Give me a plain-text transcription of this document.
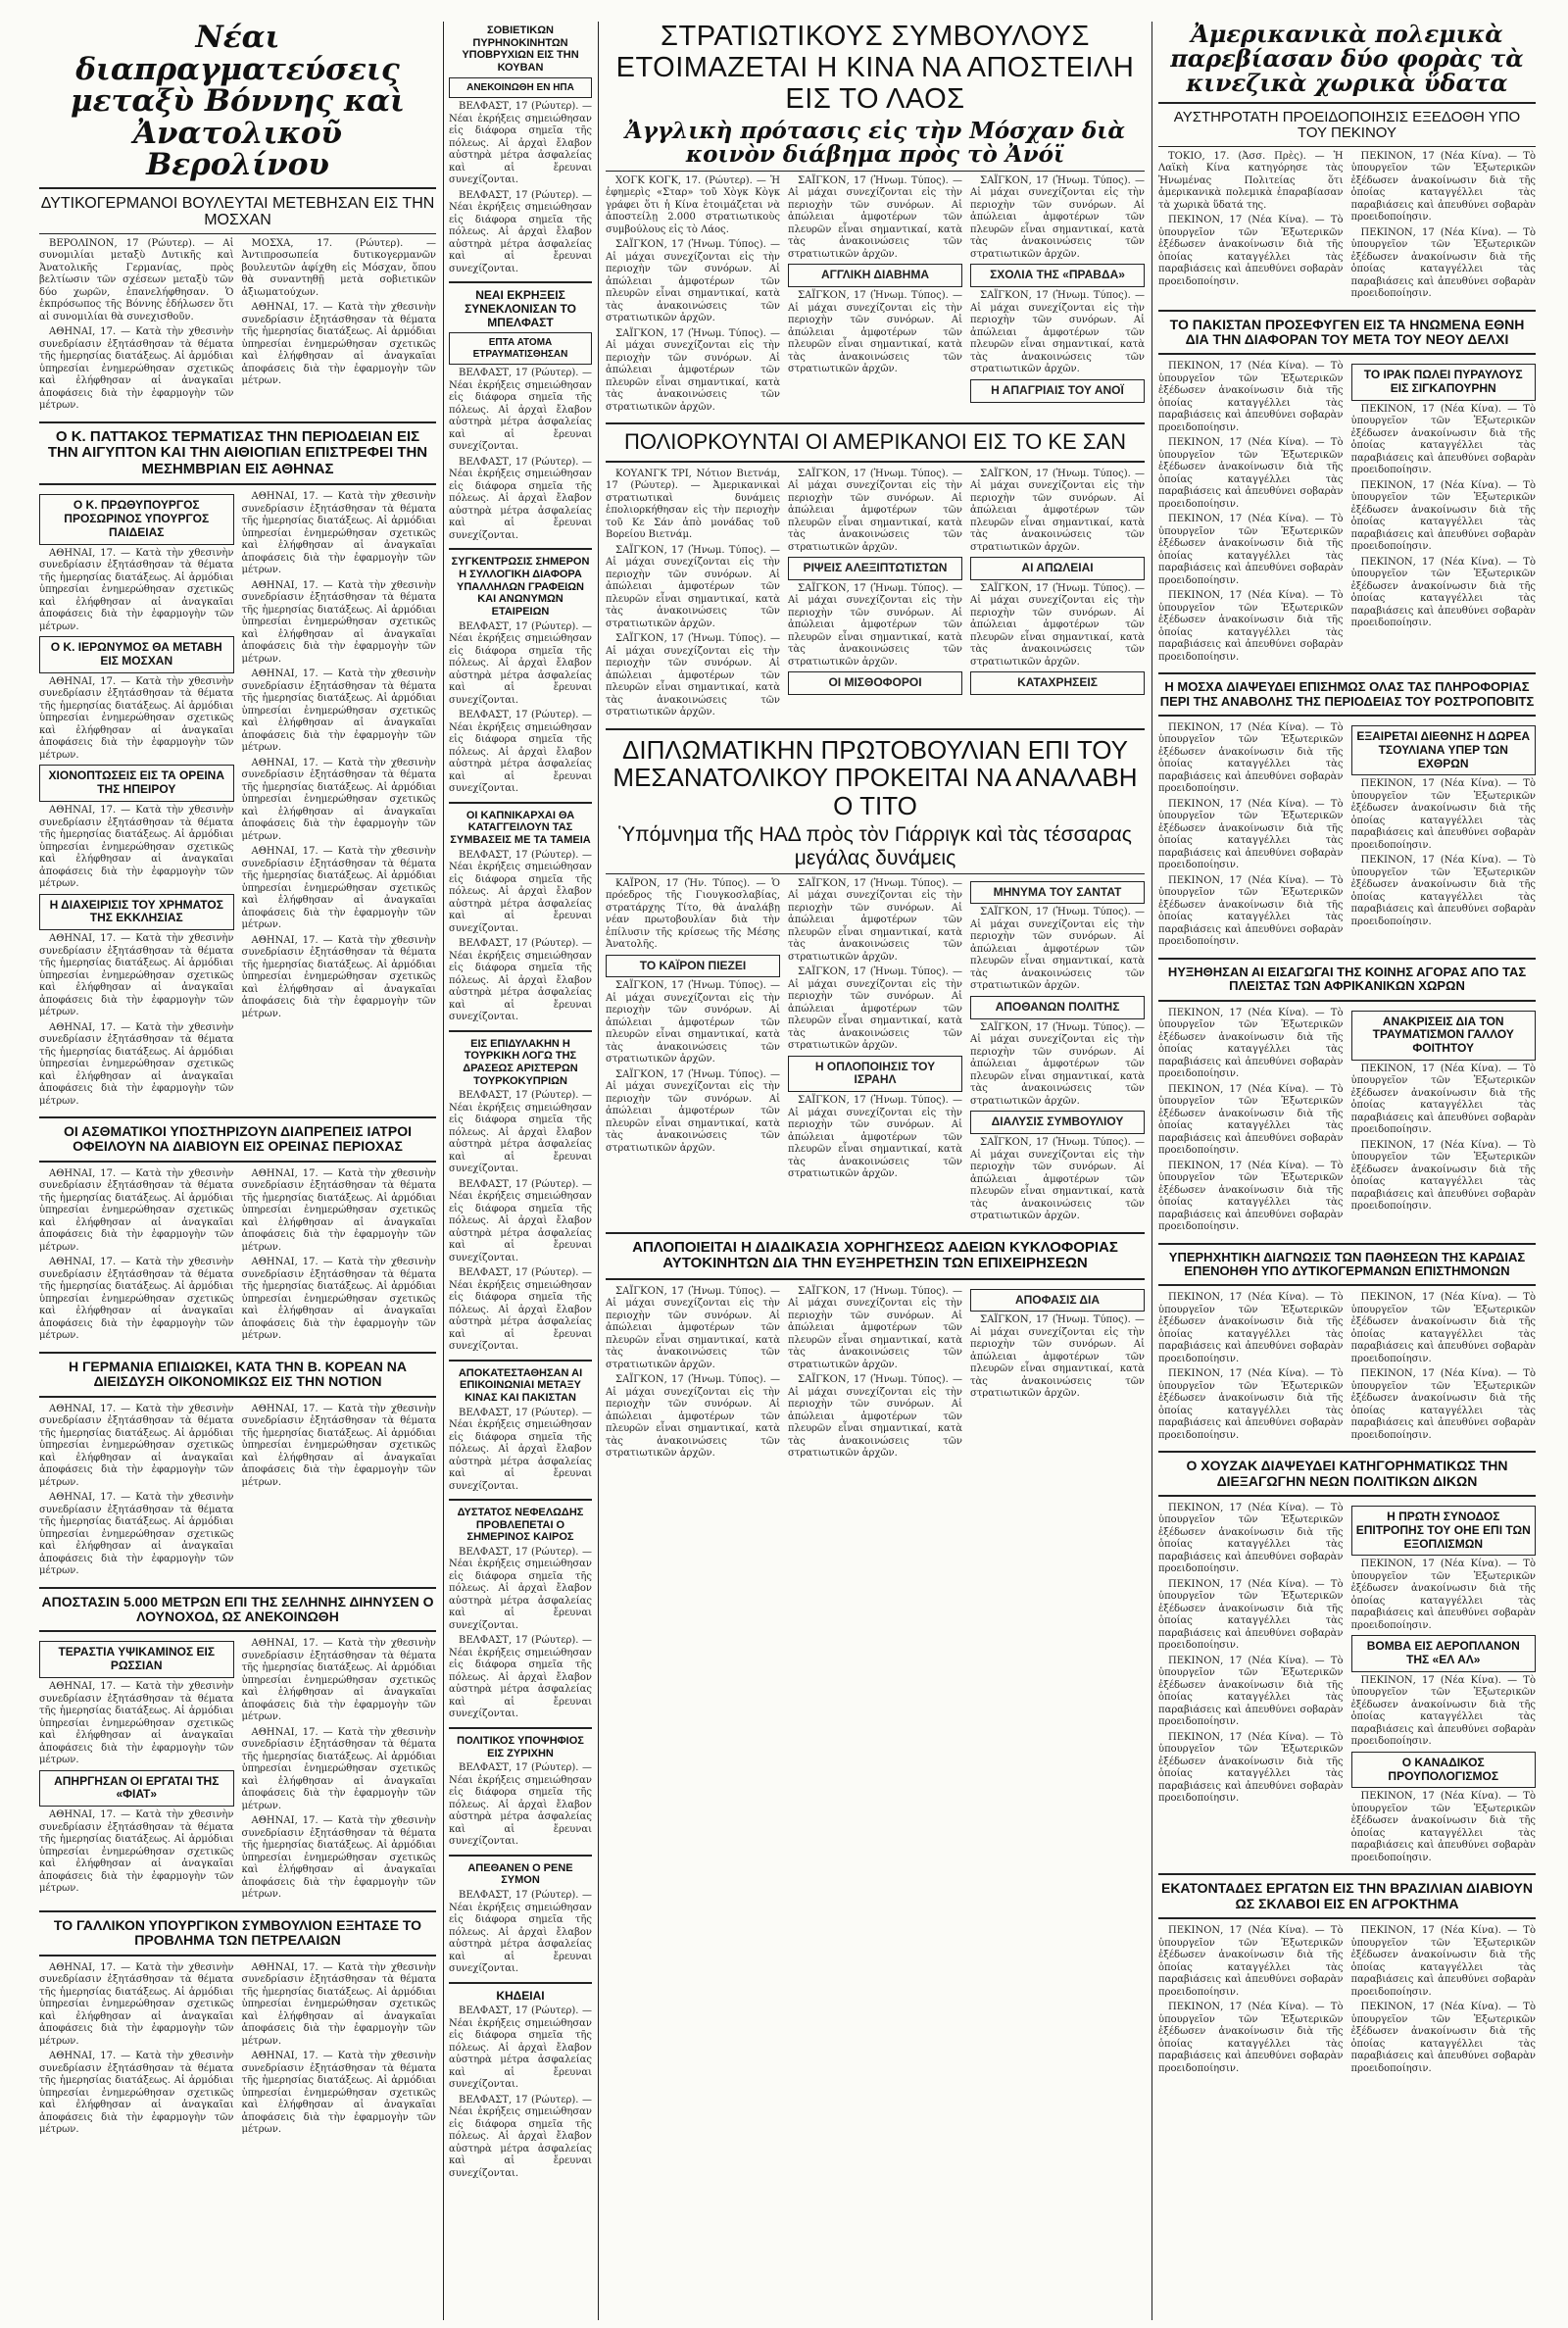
Νέαι διαπραγματεύσεις μεταξὺ Βόννης καὶ Ἀνατολικοῦ Βερολίνου
ΔΥΤΙΚΟΓΕΡΜΑΝΟΙ ΒΟΥΛΕΥΤΑΙ ΜΕΤΕΒΗΣΑΝ ΕΙΣ ΤΗΝ ΜΟΣΧΑΝ

ΒΕΡΟΛΙΝΟΝ, 17 (Ρώυτερ). — Αἱ συνομιλίαι μεταξὺ Δυτικῆς καὶ Ἀνατολικῆς Γερμανίας, πρὸς βελτίωσιν τῶν σχέσεων μεταξὺ τῶν δύο χωρῶν, ἐπανελήφθησαν. Ὁ ἐκπρόσωπος τῆς Βόννης ἐδήλωσεν ὅτι αἱ συνομιλίαι θὰ συνεχισθοῦν.

ΑΘΗΝΑΙ, 17. — Κατὰ τὴν χθεσινὴν συνεδρίασιν ἐξητάσθησαν τὰ θέματα τῆς ἡμερησίας διατάξεως. Αἱ ἀρμόδιαι ὑπηρεσίαι ἐνημερώθησαν σχετικῶς καὶ ἐλήφθησαν αἱ ἀναγκαῖαι ἀποφάσεις διὰ τὴν ἐφαρμογὴν τῶν μέτρων.

ΜΟΣΧΑ, 17. (Ρώυτερ). — Ἀντιπροσωπεία δυτικογερμανῶν βουλευτῶν ἀφίχθη εἰς Μόσχαν, ὅπου θὰ συναντηθῇ μετὰ σοβιετικῶν ἀξιωματούχων.

ΑΘΗΝΑΙ, 17. — Κατὰ τὴν χθεσινὴν συνεδρίασιν ἐξητάσθησαν τὰ θέματα τῆς ἡμερησίας διατάξεως. Αἱ ἀρμόδιαι ὑπηρεσίαι ἐνημερώθησαν σχετικῶς καὶ ἐλήφθησαν αἱ ἀναγκαῖαι ἀποφάσεις διὰ τὴν ἐφαρμογὴν τῶν μέτρων.

Ο Κ. ΠΑΤΤΑΚΟΣ ΤΕΡΜΑΤΙΣΑΣ ΤΗΝ ΠΕΡΙΟΔΕΙΑΝ ΕΙΣ ΤΗΝ ΑΙΓΥΠΤΟΝ ΚΑΙ ΤΗΝ ΑΙΘΙΟΠΙΑΝ ΕΠΙΣΤΡΕΦΕΙ ΤΗΝ ΜΕΣΗΜΒΡΙΑΝ ΕΙΣ ΑΘΗΝΑΣ
Ο Κ. ΠΡΩΘΥΠΟΥΡΓΟΣ ΠΡΟΣΩΡΙΝΟΣ ΥΠΟΥΡΓΟΣ ΠΑΙΔΕΙΑΣ

ΑΘΗΝΑΙ, 17. — Κατὰ τὴν χθεσινὴν συνεδρίασιν ἐξητάσθησαν τὰ θέματα τῆς ἡμερησίας διατάξεως. Αἱ ἀρμόδιαι ὑπηρεσίαι ἐνημερώθησαν σχετικῶς καὶ ἐλήφθησαν αἱ ἀναγκαῖαι ἀποφάσεις διὰ τὴν ἐφαρμογὴν τῶν μέτρων.

Ο Κ. ΙΕΡΩΝΥΜΟΣ ΘΑ ΜΕΤΑΒΗ ΕΙΣ ΜΟΣΧΑΝ

ΑΘΗΝΑΙ, 17. — Κατὰ τὴν χθεσινὴν συνεδρίασιν ἐξητάσθησαν τὰ θέματα τῆς ἡμερησίας διατάξεως. Αἱ ἀρμόδιαι ὑπηρεσίαι ἐνημερώθησαν σχετικῶς καὶ ἐλήφθησαν αἱ ἀναγκαῖαι ἀποφάσεις διὰ τὴν ἐφαρμογὴν τῶν μέτρων.

ΧΙΟΝΟΠΤΩΣΕΙΣ ΕΙΣ ΤΑ ΟΡΕΙΝΑ ΤΗΣ ΗΠΕΙΡΟΥ

ΑΘΗΝΑΙ, 17. — Κατὰ τὴν χθεσινὴν συνεδρίασιν ἐξητάσθησαν τὰ θέματα τῆς ἡμερησίας διατάξεως. Αἱ ἀρμόδιαι ὑπηρεσίαι ἐνημερώθησαν σχετικῶς καὶ ἐλήφθησαν αἱ ἀναγκαῖαι ἀποφάσεις διὰ τὴν ἐφαρμογὴν τῶν μέτρων.

Η ΔΙΑΧΕΙΡΙΣΙΣ ΤΟΥ ΧΡΗΜΑΤΟΣ ΤΗΣ ΕΚΚΛΗΣΙΑΣ

ΑΘΗΝΑΙ, 17. — Κατὰ τὴν χθεσινὴν συνεδρίασιν ἐξητάσθησαν τὰ θέματα τῆς ἡμερησίας διατάξεως. Αἱ ἀρμόδιαι ὑπηρεσίαι ἐνημερώθησαν σχετικῶς καὶ ἐλήφθησαν αἱ ἀναγκαῖαι ἀποφάσεις διὰ τὴν ἐφαρμογὴν τῶν μέτρων.

ΑΘΗΝΑΙ, 17. — Κατὰ τὴν χθεσινὴν συνεδρίασιν ἐξητάσθησαν τὰ θέματα τῆς ἡμερησίας διατάξεως. Αἱ ἀρμόδιαι ὑπηρεσίαι ἐνημερώθησαν σχετικῶς καὶ ἐλήφθησαν αἱ ἀναγκαῖαι ἀποφάσεις διὰ τὴν ἐφαρμογὴν τῶν μέτρων.

ΑΘΗΝΑΙ, 17. — Κατὰ τὴν χθεσινὴν συνεδρίασιν ἐξητάσθησαν τὰ θέματα τῆς ἡμερησίας διατάξεως. Αἱ ἀρμόδιαι ὑπηρεσίαι ἐνημερώθησαν σχετικῶς καὶ ἐλήφθησαν αἱ ἀναγκαῖαι ἀποφάσεις διὰ τὴν ἐφαρμογὴν τῶν μέτρων.

ΑΘΗΝΑΙ, 17. — Κατὰ τὴν χθεσινὴν συνεδρίασιν ἐξητάσθησαν τὰ θέματα τῆς ἡμερησίας διατάξεως. Αἱ ἀρμόδιαι ὑπηρεσίαι ἐνημερώθησαν σχετικῶς καὶ ἐλήφθησαν αἱ ἀναγκαῖαι ἀποφάσεις διὰ τὴν ἐφαρμογὴν τῶν μέτρων.

ΑΘΗΝΑΙ, 17. — Κατὰ τὴν χθεσινὴν συνεδρίασιν ἐξητάσθησαν τὰ θέματα τῆς ἡμερησίας διατάξεως. Αἱ ἀρμόδιαι ὑπηρεσίαι ἐνημερώθησαν σχετικῶς καὶ ἐλήφθησαν αἱ ἀναγκαῖαι ἀποφάσεις διὰ τὴν ἐφαρμογὴν τῶν μέτρων.

ΑΘΗΝΑΙ, 17. — Κατὰ τὴν χθεσινὴν συνεδρίασιν ἐξητάσθησαν τὰ θέματα τῆς ἡμερησίας διατάξεως. Αἱ ἀρμόδιαι ὑπηρεσίαι ἐνημερώθησαν σχετικῶς καὶ ἐλήφθησαν αἱ ἀναγκαῖαι ἀποφάσεις διὰ τὴν ἐφαρμογὴν τῶν μέτρων.

ΑΘΗΝΑΙ, 17. — Κατὰ τὴν χθεσινὴν συνεδρίασιν ἐξητάσθησαν τὰ θέματα τῆς ἡμερησίας διατάξεως. Αἱ ἀρμόδιαι ὑπηρεσίαι ἐνημερώθησαν σχετικῶς καὶ ἐλήφθησαν αἱ ἀναγκαῖαι ἀποφάσεις διὰ τὴν ἐφαρμογὴν τῶν μέτρων.

ΑΘΗΝΑΙ, 17. — Κατὰ τὴν χθεσινὴν συνεδρίασιν ἐξητάσθησαν τὰ θέματα τῆς ἡμερησίας διατάξεως. Αἱ ἀρμόδιαι ὑπηρεσίαι ἐνημερώθησαν σχετικῶς καὶ ἐλήφθησαν αἱ ἀναγκαῖαι ἀποφάσεις διὰ τὴν ἐφαρμογὴν τῶν μέτρων.

ΟΙ ΑΣΘΜΑΤΙΚΟΙ ΥΠΟΣΤΗΡΙΖΟΥΝ ΔΙΑΠΡΕΠΕΙΣ ΙΑΤΡΟΙ ΟΦΕΙΛΟΥΝ ΝΑ ΔΙΑΒΙΟΥΝ ΕΙΣ ΟΡΕΙΝΑΣ ΠΕΡΙΟΧΑΣ

ΑΘΗΝΑΙ, 17. — Κατὰ τὴν χθεσινὴν συνεδρίασιν ἐξητάσθησαν τὰ θέματα τῆς ἡμερησίας διατάξεως. Αἱ ἀρμόδιαι ὑπηρεσίαι ἐνημερώθησαν σχετικῶς καὶ ἐλήφθησαν αἱ ἀναγκαῖαι ἀποφάσεις διὰ τὴν ἐφαρμογὴν τῶν μέτρων.

ΑΘΗΝΑΙ, 17. — Κατὰ τὴν χθεσινὴν συνεδρίασιν ἐξητάσθησαν τὰ θέματα τῆς ἡμερησίας διατάξεως. Αἱ ἀρμόδιαι ὑπηρεσίαι ἐνημερώθησαν σχετικῶς καὶ ἐλήφθησαν αἱ ἀναγκαῖαι ἀποφάσεις διὰ τὴν ἐφαρμογὴν τῶν μέτρων.

ΑΘΗΝΑΙ, 17. — Κατὰ τὴν χθεσινὴν συνεδρίασιν ἐξητάσθησαν τὰ θέματα τῆς ἡμερησίας διατάξεως. Αἱ ἀρμόδιαι ὑπηρεσίαι ἐνημερώθησαν σχετικῶς καὶ ἐλήφθησαν αἱ ἀναγκαῖαι ἀποφάσεις διὰ τὴν ἐφαρμογὴν τῶν μέτρων.

ΑΘΗΝΑΙ, 17. — Κατὰ τὴν χθεσινὴν συνεδρίασιν ἐξητάσθησαν τὰ θέματα τῆς ἡμερησίας διατάξεως. Αἱ ἀρμόδιαι ὑπηρεσίαι ἐνημερώθησαν σχετικῶς καὶ ἐλήφθησαν αἱ ἀναγκαῖαι ἀποφάσεις διὰ τὴν ἐφαρμογὴν τῶν μέτρων.

Η ΓΕΡΜΑΝΙΑ ΕΠΙΔΙΩΚΕΙ, ΚΑΤΑ ΤΗΝ Β. ΚΟΡΕΑΝ ΝΑ ΔΙΕΙΣΔΥΣΗ ΟΙΚΟΝΟΜΙΚΩΣ ΕΙΣ ΤΗΝ ΝΟΤΙΟΝ

ΑΘΗΝΑΙ, 17. — Κατὰ τὴν χθεσινὴν συνεδρίασιν ἐξητάσθησαν τὰ θέματα τῆς ἡμερησίας διατάξεως. Αἱ ἀρμόδιαι ὑπηρεσίαι ἐνημερώθησαν σχετικῶς καὶ ἐλήφθησαν αἱ ἀναγκαῖαι ἀποφάσεις διὰ τὴν ἐφαρμογὴν τῶν μέτρων.

ΑΘΗΝΑΙ, 17. — Κατὰ τὴν χθεσινὴν συνεδρίασιν ἐξητάσθησαν τὰ θέματα τῆς ἡμερησίας διατάξεως. Αἱ ἀρμόδιαι ὑπηρεσίαι ἐνημερώθησαν σχετικῶς καὶ ἐλήφθησαν αἱ ἀναγκαῖαι ἀποφάσεις διὰ τὴν ἐφαρμογὴν τῶν μέτρων.

ΑΘΗΝΑΙ, 17. — Κατὰ τὴν χθεσινὴν συνεδρίασιν ἐξητάσθησαν τὰ θέματα τῆς ἡμερησίας διατάξεως. Αἱ ἀρμόδιαι ὑπηρεσίαι ἐνημερώθησαν σχετικῶς καὶ ἐλήφθησαν αἱ ἀναγκαῖαι ἀποφάσεις διὰ τὴν ἐφαρμογὴν τῶν μέτρων.

ΑΠΟΣΤΑΣΙΝ 5.000 ΜΕΤΡΩΝ ΕΠΙ ΤΗΣ ΣΕΛΗΝΗΣ ΔΙΗΝΥΣΕΝ Ο ΛΟΥΝΟΧΟΔ, ΩΣ ΑΝΕΚΟΙΝΩΘΗ
ΤΕΡΑΣΤΙΑ ΥΨΙΚΑΜΙΝΟΣ ΕΙΣ ΡΩΣΣΙΑΝ

ΑΘΗΝΑΙ, 17. — Κατὰ τὴν χθεσινὴν συνεδρίασιν ἐξητάσθησαν τὰ θέματα τῆς ἡμερησίας διατάξεως. Αἱ ἀρμόδιαι ὑπηρεσίαι ἐνημερώθησαν σχετικῶς καὶ ἐλήφθησαν αἱ ἀναγκαῖαι ἀποφάσεις διὰ τὴν ἐφαρμογὴν τῶν μέτρων.

ΑΠΗΡΓΗΣΑΝ ΟΙ ΕΡΓΑΤΑΙ ΤΗΣ «ΦΙΑΤ»

ΑΘΗΝΑΙ, 17. — Κατὰ τὴν χθεσινὴν συνεδρίασιν ἐξητάσθησαν τὰ θέματα τῆς ἡμερησίας διατάξεως. Αἱ ἀρμόδιαι ὑπηρεσίαι ἐνημερώθησαν σχετικῶς καὶ ἐλήφθησαν αἱ ἀναγκαῖαι ἀποφάσεις διὰ τὴν ἐφαρμογὴν τῶν μέτρων.

ΑΘΗΝΑΙ, 17. — Κατὰ τὴν χθεσινὴν συνεδρίασιν ἐξητάσθησαν τὰ θέματα τῆς ἡμερησίας διατάξεως. Αἱ ἀρμόδιαι ὑπηρεσίαι ἐνημερώθησαν σχετικῶς καὶ ἐλήφθησαν αἱ ἀναγκαῖαι ἀποφάσεις διὰ τὴν ἐφαρμογὴν τῶν μέτρων.

ΑΘΗΝΑΙ, 17. — Κατὰ τὴν χθεσινὴν συνεδρίασιν ἐξητάσθησαν τὰ θέματα τῆς ἡμερησίας διατάξεως. Αἱ ἀρμόδιαι ὑπηρεσίαι ἐνημερώθησαν σχετικῶς καὶ ἐλήφθησαν αἱ ἀναγκαῖαι ἀποφάσεις διὰ τὴν ἐφαρμογὴν τῶν μέτρων.

ΑΘΗΝΑΙ, 17. — Κατὰ τὴν χθεσινὴν συνεδρίασιν ἐξητάσθησαν τὰ θέματα τῆς ἡμερησίας διατάξεως. Αἱ ἀρμόδιαι ὑπηρεσίαι ἐνημερώθησαν σχετικῶς καὶ ἐλήφθησαν αἱ ἀναγκαῖαι ἀποφάσεις διὰ τὴν ἐφαρμογὴν τῶν μέτρων.

ΤΟ ΓΑΛΛΙΚΟΝ ΥΠΟΥΡΓΙΚΟΝ ΣΥΜΒΟΥΛΙΟΝ ΕΞΗΤΑΣΕ ΤΟ ΠΡΟΒΛΗΜΑ ΤΩΝ ΠΕΤΡΕΛΑΙΩΝ

ΑΘΗΝΑΙ, 17. — Κατὰ τὴν χθεσινὴν συνεδρίασιν ἐξητάσθησαν τὰ θέματα τῆς ἡμερησίας διατάξεως. Αἱ ἀρμόδιαι ὑπηρεσίαι ἐνημερώθησαν σχετικῶς καὶ ἐλήφθησαν αἱ ἀναγκαῖαι ἀποφάσεις διὰ τὴν ἐφαρμογὴν τῶν μέτρων.

ΑΘΗΝΑΙ, 17. — Κατὰ τὴν χθεσινὴν συνεδρίασιν ἐξητάσθησαν τὰ θέματα τῆς ἡμερησίας διατάξεως. Αἱ ἀρμόδιαι ὑπηρεσίαι ἐνημερώθησαν σχετικῶς καὶ ἐλήφθησαν αἱ ἀναγκαῖαι ἀποφάσεις διὰ τὴν ἐφαρμογὴν τῶν μέτρων.

ΑΘΗΝΑΙ, 17. — Κατὰ τὴν χθεσινὴν συνεδρίασιν ἐξητάσθησαν τὰ θέματα τῆς ἡμερησίας διατάξεως. Αἱ ἀρμόδιαι ὑπηρεσίαι ἐνημερώθησαν σχετικῶς καὶ ἐλήφθησαν αἱ ἀναγκαῖαι ἀποφάσεις διὰ τὴν ἐφαρμογὴν τῶν μέτρων.

ΑΘΗΝΑΙ, 17. — Κατὰ τὴν χθεσινὴν συνεδρίασιν ἐξητάσθησαν τὰ θέματα τῆς ἡμερησίας διατάξεως. Αἱ ἀρμόδιαι ὑπηρεσίαι ἐνημερώθησαν σχετικῶς καὶ ἐλήφθησαν αἱ ἀναγκαῖαι ἀποφάσεις διὰ τὴν ἐφαρμογὴν τῶν μέτρων.

ΣΟΒΙΕΤΙΚΩΝ ΠΥΡΗΝΟΚΙΝΗΤΩΝ ΥΠΟΒΡΥΧΙΩΝ ΕΙΣ ΤΗΝ ΚΟΥΒΑΝ
ΑΝΕΚΟΙΝΩΘΗ ΕΝ ΗΠΑ

ΒΕΛΦΑΣΤ, 17 (Ρώυτερ). — Νέαι ἐκρήξεις σημειώθησαν εἰς διάφορα σημεῖα τῆς πόλεως. Αἱ ἀρχαὶ ἔλαβον αὐστηρὰ μέτρα ἀσφαλείας καὶ αἱ ἔρευναι συνεχίζονται.

ΒΕΛΦΑΣΤ, 17 (Ρώυτερ). — Νέαι ἐκρήξεις σημειώθησαν εἰς διάφορα σημεῖα τῆς πόλεως. Αἱ ἀρχαὶ ἔλαβον αὐστηρὰ μέτρα ἀσφαλείας καὶ αἱ ἔρευναι συνεχίζονται.

ΝΕΑΙ ΕΚΡΗΞΕΙΣ ΣΥΝΕΚΛΟΝΙΣΑΝ ΤΟ ΜΠΕΛΦΑΣΤ
ΕΠΤΑ ΑΤΟΜΑ ΕΤΡΑΥΜΑΤΙΣΘΗΣΑΝ

ΒΕΛΦΑΣΤ, 17 (Ρώυτερ). — Νέαι ἐκρήξεις σημειώθησαν εἰς διάφορα σημεῖα τῆς πόλεως. Αἱ ἀρχαὶ ἔλαβον αὐστηρὰ μέτρα ἀσφαλείας καὶ αἱ ἔρευναι συνεχίζονται.

ΒΕΛΦΑΣΤ, 17 (Ρώυτερ). — Νέαι ἐκρήξεις σημειώθησαν εἰς διάφορα σημεῖα τῆς πόλεως. Αἱ ἀρχαὶ ἔλαβον αὐστηρὰ μέτρα ἀσφαλείας καὶ αἱ ἔρευναι συνεχίζονται.

ΣΥΓΚΕΝΤΡΩΣΙΣ ΣΗΜΕΡΟΝ Η ΣΥΛΛΟΓΙΚΗ ΔΙΑΦΟΡΑ ΥΠΑΛΛΗΛΩΝ ΓΡΑΦΕΙΩΝ ΚΑΙ ΑΝΩΝΥΜΩΝ ΕΤΑΙΡΕΙΩΝ

ΒΕΛΦΑΣΤ, 17 (Ρώυτερ). — Νέαι ἐκρήξεις σημειώθησαν εἰς διάφορα σημεῖα τῆς πόλεως. Αἱ ἀρχαὶ ἔλαβον αὐστηρὰ μέτρα ἀσφαλείας καὶ αἱ ἔρευναι συνεχίζονται.

ΒΕΛΦΑΣΤ, 17 (Ρώυτερ). — Νέαι ἐκρήξεις σημειώθησαν εἰς διάφορα σημεῖα τῆς πόλεως. Αἱ ἀρχαὶ ἔλαβον αὐστηρὰ μέτρα ἀσφαλείας καὶ αἱ ἔρευναι συνεχίζονται.

ΟΙ ΚΑΠΝΙΚΑΡΧΑΙ ΘΑ ΚΑΤΑΓΓΕΙΛΟΥΝ ΤΑΣ ΣΥΜΒΑΣΕΙΣ ΜΕ ΤΑ ΤΑΜΕΙΑ

ΒΕΛΦΑΣΤ, 17 (Ρώυτερ). — Νέαι ἐκρήξεις σημειώθησαν εἰς διάφορα σημεῖα τῆς πόλεως. Αἱ ἀρχαὶ ἔλαβον αὐστηρὰ μέτρα ἀσφαλείας καὶ αἱ ἔρευναι συνεχίζονται.

ΒΕΛΦΑΣΤ, 17 (Ρώυτερ). — Νέαι ἐκρήξεις σημειώθησαν εἰς διάφορα σημεῖα τῆς πόλεως. Αἱ ἀρχαὶ ἔλαβον αὐστηρὰ μέτρα ἀσφαλείας καὶ αἱ ἔρευναι συνεχίζονται.

ΕΙΣ ΕΠΙΔΥΛΑΚΗΝ Η ΤΟΥΡΚΙΚΗ ΛΟΓΩ ΤΗΣ ΔΡΑΣΕΩΣ ΑΡΙΣΤΕΡΩΝ ΤΟΥΡΚΟΚΥΠΡΙΩΝ

ΒΕΛΦΑΣΤ, 17 (Ρώυτερ). — Νέαι ἐκρήξεις σημειώθησαν εἰς διάφορα σημεῖα τῆς πόλεως. Αἱ ἀρχαὶ ἔλαβον αὐστηρὰ μέτρα ἀσφαλείας καὶ αἱ ἔρευναι συνεχίζονται.

ΒΕΛΦΑΣΤ, 17 (Ρώυτερ). — Νέαι ἐκρήξεις σημειώθησαν εἰς διάφορα σημεῖα τῆς πόλεως. Αἱ ἀρχαὶ ἔλαβον αὐστηρὰ μέτρα ἀσφαλείας καὶ αἱ ἔρευναι συνεχίζονται.

ΒΕΛΦΑΣΤ, 17 (Ρώυτερ). — Νέαι ἐκρήξεις σημειώθησαν εἰς διάφορα σημεῖα τῆς πόλεως. Αἱ ἀρχαὶ ἔλαβον αὐστηρὰ μέτρα ἀσφαλείας καὶ αἱ ἔρευναι συνεχίζονται.

ΑΠΟΚΑΤΕΣΤΑΘΗΣΑΝ ΑΙ ΕΠΙΚΟΙΝΩΝΙΑΙ ΜΕΤΑΞΥ ΚΙΝΑΣ ΚΑΙ ΠΑΚΙΣΤΑΝ

ΒΕΛΦΑΣΤ, 17 (Ρώυτερ). — Νέαι ἐκρήξεις σημειώθησαν εἰς διάφορα σημεῖα τῆς πόλεως. Αἱ ἀρχαὶ ἔλαβον αὐστηρὰ μέτρα ἀσφαλείας καὶ αἱ ἔρευναι συνεχίζονται.

ΔΥΣΤΑΤΟΣ ΝΕΦΕΛΩΔΗΣ ΠΡΟΒΛΕΠΕΤΑΙ Ο ΣΗΜΕΡΙΝΟΣ ΚΑΙΡΟΣ

ΒΕΛΦΑΣΤ, 17 (Ρώυτερ). — Νέαι ἐκρήξεις σημειώθησαν εἰς διάφορα σημεῖα τῆς πόλεως. Αἱ ἀρχαὶ ἔλαβον αὐστηρὰ μέτρα ἀσφαλείας καὶ αἱ ἔρευναι συνεχίζονται.

ΒΕΛΦΑΣΤ, 17 (Ρώυτερ). — Νέαι ἐκρήξεις σημειώθησαν εἰς διάφορα σημεῖα τῆς πόλεως. Αἱ ἀρχαὶ ἔλαβον αὐστηρὰ μέτρα ἀσφαλείας καὶ αἱ ἔρευναι συνεχίζονται.

ΠΟΛΙΤΙΚΟΣ ΥΠΟΨΗΦΙΟΣ ΕΙΣ ΖΥΡΙΧΗΝ

ΒΕΛΦΑΣΤ, 17 (Ρώυτερ). — Νέαι ἐκρήξεις σημειώθησαν εἰς διάφορα σημεῖα τῆς πόλεως. Αἱ ἀρχαὶ ἔλαβον αὐστηρὰ μέτρα ἀσφαλείας καὶ αἱ ἔρευναι συνεχίζονται.

ΑΠΕΘΑΝΕΝ Ο ΡΕΝΕ ΣΥΜΟΝ

ΒΕΛΦΑΣΤ, 17 (Ρώυτερ). — Νέαι ἐκρήξεις σημειώθησαν εἰς διάφορα σημεῖα τῆς πόλεως. Αἱ ἀρχαὶ ἔλαβον αὐστηρὰ μέτρα ἀσφαλείας καὶ αἱ ἔρευναι συνεχίζονται.

ΚΗΔΕΙΑΙ

ΒΕΛΦΑΣΤ, 17 (Ρώυτερ). — Νέαι ἐκρήξεις σημειώθησαν εἰς διάφορα σημεῖα τῆς πόλεως. Αἱ ἀρχαὶ ἔλαβον αὐστηρὰ μέτρα ἀσφαλείας καὶ αἱ ἔρευναι συνεχίζονται.

ΒΕΛΦΑΣΤ, 17 (Ρώυτερ). — Νέαι ἐκρήξεις σημειώθησαν εἰς διάφορα σημεῖα τῆς πόλεως. Αἱ ἀρχαὶ ἔλαβον αὐστηρὰ μέτρα ἀσφαλείας καὶ αἱ ἔρευναι συνεχίζονται.

ΣΤΡΑΤΙΩΤΙΚΟΥΣ ΣΥΜΒΟΥΛΟΥΣ ΕΤΟΙΜΑΖΕΤΑΙ Η ΚΙΝΑ ΝΑ ΑΠΟΣΤΕΙΛΗ ΕΙΣ ΤΟ ΛΑΟΣ
Ἀγγλικὴ πρότασις εἰς τὴν Μόσχαν διὰ κοινὸν διάβημα πρὸς τὸ Ἀνόϊ

ΧΟΓΚ ΚΟΓΚ, 17. (Ρώυτερ). — Ἡ ἐφημερὶς «Σταρ» τοῦ Χὸγκ Κὸγκ γράφει ὅτι ἡ Κίνα ἑτοιμάζεται νὰ ἀποστείλῃ 2.000 στρατιωτικοὺς συμβούλους εἰς τὸ Λάος.

ΣΑΪΓΚΟΝ, 17 (Ἡνωμ. Τύπος). — Αἱ μάχαι συνεχίζονται εἰς τὴν περιοχὴν τῶν συνόρων. Αἱ ἀπώλειαι ἀμφοτέρων τῶν πλευρῶν εἶναι σημαντικαί, κατὰ τὰς ἀνακοινώσεις τῶν στρατιωτικῶν ἀρχῶν.

ΣΑΪΓΚΟΝ, 17 (Ἡνωμ. Τύπος). — Αἱ μάχαι συνεχίζονται εἰς τὴν περιοχὴν τῶν συνόρων. Αἱ ἀπώλειαι ἀμφοτέρων τῶν πλευρῶν εἶναι σημαντικαί, κατὰ τὰς ἀνακοινώσεις τῶν στρατιωτικῶν ἀρχῶν.

ΣΑΪΓΚΟΝ, 17 (Ἡνωμ. Τύπος). — Αἱ μάχαι συνεχίζονται εἰς τὴν περιοχὴν τῶν συνόρων. Αἱ ἀπώλειαι ἀμφοτέρων τῶν πλευρῶν εἶναι σημαντικαί, κατὰ τὰς ἀνακοινώσεις τῶν στρατιωτικῶν ἀρχῶν.

ΑΓΓΛΙΚΗ ΔΙΑΒΗΜΑ

ΣΑΪΓΚΟΝ, 17 (Ἡνωμ. Τύπος). — Αἱ μάχαι συνεχίζονται εἰς τὴν περιοχὴν τῶν συνόρων. Αἱ ἀπώλειαι ἀμφοτέρων τῶν πλευρῶν εἶναι σημαντικαί, κατὰ τὰς ἀνακοινώσεις τῶν στρατιωτικῶν ἀρχῶν.

ΣΑΪΓΚΟΝ, 17 (Ἡνωμ. Τύπος). — Αἱ μάχαι συνεχίζονται εἰς τὴν περιοχὴν τῶν συνόρων. Αἱ ἀπώλειαι ἀμφοτέρων τῶν πλευρῶν εἶναι σημαντικαί, κατὰ τὰς ἀνακοινώσεις τῶν στρατιωτικῶν ἀρχῶν.

ΣΧΟΛΙΑ ΤΗΣ «ΠΡΑΒΔΑ»

ΣΑΪΓΚΟΝ, 17 (Ἡνωμ. Τύπος). — Αἱ μάχαι συνεχίζονται εἰς τὴν περιοχὴν τῶν συνόρων. Αἱ ἀπώλειαι ἀμφοτέρων τῶν πλευρῶν εἶναι σημαντικαί, κατὰ τὰς ἀνακοινώσεις τῶν στρατιωτικῶν ἀρχῶν.

Η ΑΠΑΓΡΙΑΙΣ ΤΟΥ ΑΝΟΪ
ΠΟΛΙΟΡΚΟΥΝΤΑΙ ΟΙ ΑΜΕΡΙΚΑΝΟΙ ΕΙΣ ΤΟ ΚΕ ΣΑΝ

ΚΟΥΑΝΓΚ ΤΡΙ, Νότιον Βιετνάμ, 17 (Ρώυτερ). — Ἀμερικανικαὶ στρατιωτικαὶ δυνάμεις ἐπολιορκήθησαν εἰς τὴν περιοχὴν τοῦ Κε Σάν ἀπὸ μονάδας τοῦ Βορείου Βιετνάμ.

ΣΑΪΓΚΟΝ, 17 (Ἡνωμ. Τύπος). — Αἱ μάχαι συνεχίζονται εἰς τὴν περιοχὴν τῶν συνόρων. Αἱ ἀπώλειαι ἀμφοτέρων τῶν πλευρῶν εἶναι σημαντικαί, κατὰ τὰς ἀνακοινώσεις τῶν στρατιωτικῶν ἀρχῶν.

ΣΑΪΓΚΟΝ, 17 (Ἡνωμ. Τύπος). — Αἱ μάχαι συνεχίζονται εἰς τὴν περιοχὴν τῶν συνόρων. Αἱ ἀπώλειαι ἀμφοτέρων τῶν πλευρῶν εἶναι σημαντικαί, κατὰ τὰς ἀνακοινώσεις τῶν στρατιωτικῶν ἀρχῶν.

ΣΑΪΓΚΟΝ, 17 (Ἡνωμ. Τύπος). — Αἱ μάχαι συνεχίζονται εἰς τὴν περιοχὴν τῶν συνόρων. Αἱ ἀπώλειαι ἀμφοτέρων τῶν πλευρῶν εἶναι σημαντικαί, κατὰ τὰς ἀνακοινώσεις τῶν στρατιωτικῶν ἀρχῶν.

ΡΙΨΕΙΣ ΑΛΕΞΙΠΤΩΤΙΣΤΩΝ

ΣΑΪΓΚΟΝ, 17 (Ἡνωμ. Τύπος). — Αἱ μάχαι συνεχίζονται εἰς τὴν περιοχὴν τῶν συνόρων. Αἱ ἀπώλειαι ἀμφοτέρων τῶν πλευρῶν εἶναι σημαντικαί, κατὰ τὰς ἀνακοινώσεις τῶν στρατιωτικῶν ἀρχῶν.

ΟΙ ΜΙΣΘΟΦΟΡΟΙ

ΣΑΪΓΚΟΝ, 17 (Ἡνωμ. Τύπος). — Αἱ μάχαι συνεχίζονται εἰς τὴν περιοχὴν τῶν συνόρων. Αἱ ἀπώλειαι ἀμφοτέρων τῶν πλευρῶν εἶναι σημαντικαί, κατὰ τὰς ἀνακοινώσεις τῶν στρατιωτικῶν ἀρχῶν.

ΑΙ ΑΠΩΛΕΙΑΙ

ΣΑΪΓΚΟΝ, 17 (Ἡνωμ. Τύπος). — Αἱ μάχαι συνεχίζονται εἰς τὴν περιοχὴν τῶν συνόρων. Αἱ ἀπώλειαι ἀμφοτέρων τῶν πλευρῶν εἶναι σημαντικαί, κατὰ τὰς ἀνακοινώσεις τῶν στρατιωτικῶν ἀρχῶν.

ΚΑΤΑΧΡΗΣΕΙΣ
ΔΙΠΛΩΜΑΤΙΚΗΝ ΠΡΩΤΟΒΟΥΛΙΑΝ ΕΠΙ ΤΟΥ ΜΕΣΑΝΑΤΟΛΙΚΟΥ ΠΡΟΚΕΙΤΑΙ ΝΑ ΑΝΑΛΑΒΗ Ο ΤΙΤΟ
Ὑπόμνημα τῆς ΗΑΔ πρὸς τὸν Γιάρριγκ καὶ τὰς τέσσαρας μεγάλας δυνάμεις

ΚΑΪΡΟΝ, 17 (Ἡν. Τύπος). — Ὁ πρόεδρος τῆς Γιουγκοσλαβίας, στρατάρχης Τίτο, θὰ ἀναλάβῃ νέαν πρωτοβουλίαν διὰ τὴν ἐπίλυσιν τῆς κρίσεως τῆς Μέσης Ἀνατολῆς.

ΤΟ ΚΑΪΡΟΝ ΠΙΕΖΕΙ

ΣΑΪΓΚΟΝ, 17 (Ἡνωμ. Τύπος). — Αἱ μάχαι συνεχίζονται εἰς τὴν περιοχὴν τῶν συνόρων. Αἱ ἀπώλειαι ἀμφοτέρων τῶν πλευρῶν εἶναι σημαντικαί, κατὰ τὰς ἀνακοινώσεις τῶν στρατιωτικῶν ἀρχῶν.

ΣΑΪΓΚΟΝ, 17 (Ἡνωμ. Τύπος). — Αἱ μάχαι συνεχίζονται εἰς τὴν περιοχὴν τῶν συνόρων. Αἱ ἀπώλειαι ἀμφοτέρων τῶν πλευρῶν εἶναι σημαντικαί, κατὰ τὰς ἀνακοινώσεις τῶν στρατιωτικῶν ἀρχῶν.

ΣΑΪΓΚΟΝ, 17 (Ἡνωμ. Τύπος). — Αἱ μάχαι συνεχίζονται εἰς τὴν περιοχὴν τῶν συνόρων. Αἱ ἀπώλειαι ἀμφοτέρων τῶν πλευρῶν εἶναι σημαντικαί, κατὰ τὰς ἀνακοινώσεις τῶν στρατιωτικῶν ἀρχῶν.

ΣΑΪΓΚΟΝ, 17 (Ἡνωμ. Τύπος). — Αἱ μάχαι συνεχίζονται εἰς τὴν περιοχὴν τῶν συνόρων. Αἱ ἀπώλειαι ἀμφοτέρων τῶν πλευρῶν εἶναι σημαντικαί, κατὰ τὰς ἀνακοινώσεις τῶν στρατιωτικῶν ἀρχῶν.

Η ΟΠΛΟΠΟΙΗΣΙΣ ΤΟΥ ΙΣΡΑΗΛ

ΣΑΪΓΚΟΝ, 17 (Ἡνωμ. Τύπος). — Αἱ μάχαι συνεχίζονται εἰς τὴν περιοχὴν τῶν συνόρων. Αἱ ἀπώλειαι ἀμφοτέρων τῶν πλευρῶν εἶναι σημαντικαί, κατὰ τὰς ἀνακοινώσεις τῶν στρατιωτικῶν ἀρχῶν.

ΜΗΝΥΜΑ ΤΟΥ ΣΑΝΤΑΤ

ΣΑΪΓΚΟΝ, 17 (Ἡνωμ. Τύπος). — Αἱ μάχαι συνεχίζονται εἰς τὴν περιοχὴν τῶν συνόρων. Αἱ ἀπώλειαι ἀμφοτέρων τῶν πλευρῶν εἶναι σημαντικαί, κατὰ τὰς ἀνακοινώσεις τῶν στρατιωτικῶν ἀρχῶν.

ΑΠΟΘΑΝΩΝ ΠΟΛΙΤΗΣ

ΣΑΪΓΚΟΝ, 17 (Ἡνωμ. Τύπος). — Αἱ μάχαι συνεχίζονται εἰς τὴν περιοχὴν τῶν συνόρων. Αἱ ἀπώλειαι ἀμφοτέρων τῶν πλευρῶν εἶναι σημαντικαί, κατὰ τὰς ἀνακοινώσεις τῶν στρατιωτικῶν ἀρχῶν.

ΔΙΑΛΥΣΙΣ ΣΥΜΒΟΥΛΙΟΥ

ΣΑΪΓΚΟΝ, 17 (Ἡνωμ. Τύπος). — Αἱ μάχαι συνεχίζονται εἰς τὴν περιοχὴν τῶν συνόρων. Αἱ ἀπώλειαι ἀμφοτέρων τῶν πλευρῶν εἶναι σημαντικαί, κατὰ τὰς ἀνακοινώσεις τῶν στρατιωτικῶν ἀρχῶν.

ΑΠΛΟΠΟΙΕΙΤΑΙ Η ΔΙΑΔΙΚΑΣΙΑ ΧΟΡΗΓΗΣΕΩΣ ΑΔΕΙΩΝ ΚΥΚΛΟΦΟΡΙΑΣ ΑΥΤΟΚΙΝΗΤΩΝ ΔΙΑ ΤΗΝ ΕΥΞΗΡΕΤΗΣΙΝ ΤΩΝ ΕΠΙΧΕΙΡΗΣΕΩΝ

ΣΑΪΓΚΟΝ, 17 (Ἡνωμ. Τύπος). — Αἱ μάχαι συνεχίζονται εἰς τὴν περιοχὴν τῶν συνόρων. Αἱ ἀπώλειαι ἀμφοτέρων τῶν πλευρῶν εἶναι σημαντικαί, κατὰ τὰς ἀνακοινώσεις τῶν στρατιωτικῶν ἀρχῶν.

ΣΑΪΓΚΟΝ, 17 (Ἡνωμ. Τύπος). — Αἱ μάχαι συνεχίζονται εἰς τὴν περιοχὴν τῶν συνόρων. Αἱ ἀπώλειαι ἀμφοτέρων τῶν πλευρῶν εἶναι σημαντικαί, κατὰ τὰς ἀνακοινώσεις τῶν στρατιωτικῶν ἀρχῶν.

ΣΑΪΓΚΟΝ, 17 (Ἡνωμ. Τύπος). — Αἱ μάχαι συνεχίζονται εἰς τὴν περιοχὴν τῶν συνόρων. Αἱ ἀπώλειαι ἀμφοτέρων τῶν πλευρῶν εἶναι σημαντικαί, κατὰ τὰς ἀνακοινώσεις τῶν στρατιωτικῶν ἀρχῶν.

ΣΑΪΓΚΟΝ, 17 (Ἡνωμ. Τύπος). — Αἱ μάχαι συνεχίζονται εἰς τὴν περιοχὴν τῶν συνόρων. Αἱ ἀπώλειαι ἀμφοτέρων τῶν πλευρῶν εἶναι σημαντικαί, κατὰ τὰς ἀνακοινώσεις τῶν στρατιωτικῶν ἀρχῶν.

ΑΠΟΦΑΣΙΣ ΔΙΑ

ΣΑΪΓΚΟΝ, 17 (Ἡνωμ. Τύπος). — Αἱ μάχαι συνεχίζονται εἰς τὴν περιοχὴν τῶν συνόρων. Αἱ ἀπώλειαι ἀμφοτέρων τῶν πλευρῶν εἶναι σημαντικαί, κατὰ τὰς ἀνακοινώσεις τῶν στρατιωτικῶν ἀρχῶν.

Ἀμερικανικὰ πολεμικὰ παρεβίασαν δύο φορὰς τὰ κινεζικὰ χωρικὰ ὕδατα
ΑΥΣΤΗΡΟΤΑΤΗ ΠΡΟΕΙΔΟΠΟΙΗΣΙΣ ΕΞΕΔΟΘΗ ΥΠΟ ΤΟΥ ΠΕΚΙΝΟΥ

ΤΟΚΙΟ, 17. (Ἀσσ. Πρὲς). — Ἡ Λαϊκὴ Κίνα κατηγόρησε τὰς Ἡνωμένας Πολιτείας ὅτι ἀμερικανικὰ πολεμικὰ ἐπαραβίασαν τὰ χωρικὰ ὕδατά της.

ΠΕΚΙΝΟΝ, 17 (Νέα Κίνα). — Τὸ ὑπουργεῖον τῶν Ἐξωτερικῶν ἐξέδωσεν ἀνακοίνωσιν διὰ τῆς ὁποίας καταγγέλλει τὰς παραβιάσεις καὶ ἀπευθύνει σοβαρὰν προειδοποίησιν.

ΠΕΚΙΝΟΝ, 17 (Νέα Κίνα). — Τὸ ὑπουργεῖον τῶν Ἐξωτερικῶν ἐξέδωσεν ἀνακοίνωσιν διὰ τῆς ὁποίας καταγγέλλει τὰς παραβιάσεις καὶ ἀπευθύνει σοβαρὰν προειδοποίησιν.

ΠΕΚΙΝΟΝ, 17 (Νέα Κίνα). — Τὸ ὑπουργεῖον τῶν Ἐξωτερικῶν ἐξέδωσεν ἀνακοίνωσιν διὰ τῆς ὁποίας καταγγέλλει τὰς παραβιάσεις καὶ ἀπευθύνει σοβαρὰν προειδοποίησιν.

ΤΟ ΠΑΚΙΣΤΑΝ ΠΡΟΣΕΦΥΓΕΝ ΕΙΣ ΤΑ ΗΝΩΜΕΝΑ ΕΘΝΗ ΔΙΑ ΤΗΝ ΔΙΑΦΟΡΑΝ ΤΟΥ ΜΕΤΑ ΤΟΥ ΝΕΟΥ ΔΕΛΧΙ

ΠΕΚΙΝΟΝ, 17 (Νέα Κίνα). — Τὸ ὑπουργεῖον τῶν Ἐξωτερικῶν ἐξέδωσεν ἀνακοίνωσιν διὰ τῆς ὁποίας καταγγέλλει τὰς παραβιάσεις καὶ ἀπευθύνει σοβαρὰν προειδοποίησιν.

ΠΕΚΙΝΟΝ, 17 (Νέα Κίνα). — Τὸ ὑπουργεῖον τῶν Ἐξωτερικῶν ἐξέδωσεν ἀνακοίνωσιν διὰ τῆς ὁποίας καταγγέλλει τὰς παραβιάσεις καὶ ἀπευθύνει σοβαρὰν προειδοποίησιν.

ΠΕΚΙΝΟΝ, 17 (Νέα Κίνα). — Τὸ ὑπουργεῖον τῶν Ἐξωτερικῶν ἐξέδωσεν ἀνακοίνωσιν διὰ τῆς ὁποίας καταγγέλλει τὰς παραβιάσεις καὶ ἀπευθύνει σοβαρὰν προειδοποίησιν.

ΠΕΚΙΝΟΝ, 17 (Νέα Κίνα). — Τὸ ὑπουργεῖον τῶν Ἐξωτερικῶν ἐξέδωσεν ἀνακοίνωσιν διὰ τῆς ὁποίας καταγγέλλει τὰς παραβιάσεις καὶ ἀπευθύνει σοβαρὰν προειδοποίησιν.

ΤΟ ΙΡΑΚ ΠΩΛΕΙ ΠΥΡΑΥΛΟΥΣ ΕΙΣ ΣΙΓΚΑΠΟΥΡΗΝ

ΠΕΚΙΝΟΝ, 17 (Νέα Κίνα). — Τὸ ὑπουργεῖον τῶν Ἐξωτερικῶν ἐξέδωσεν ἀνακοίνωσιν διὰ τῆς ὁποίας καταγγέλλει τὰς παραβιάσεις καὶ ἀπευθύνει σοβαρὰν προειδοποίησιν.

ΠΕΚΙΝΟΝ, 17 (Νέα Κίνα). — Τὸ ὑπουργεῖον τῶν Ἐξωτερικῶν ἐξέδωσεν ἀνακοίνωσιν διὰ τῆς ὁποίας καταγγέλλει τὰς παραβιάσεις καὶ ἀπευθύνει σοβαρὰν προειδοποίησιν.

ΠΕΚΙΝΟΝ, 17 (Νέα Κίνα). — Τὸ ὑπουργεῖον τῶν Ἐξωτερικῶν ἐξέδωσεν ἀνακοίνωσιν διὰ τῆς ὁποίας καταγγέλλει τὰς παραβιάσεις καὶ ἀπευθύνει σοβαρὰν προειδοποίησιν.

Η ΜΟΣΧΑ ΔΙΑΨΕΥΔΕΙ ΕΠΙΣΗΜΩΣ ΟΛΑΣ ΤΑΣ ΠΛΗΡΟΦΟΡΙΑΣ ΠΕΡΙ ΤΗΣ ΑΝΑΒΟΛΗΣ ΤΗΣ ΠΕΡΙΟΔΕΙΑΣ ΤΟΥ ΡΟΣΤΡΟΠΟΒΙΤΣ

ΠΕΚΙΝΟΝ, 17 (Νέα Κίνα). — Τὸ ὑπουργεῖον τῶν Ἐξωτερικῶν ἐξέδωσεν ἀνακοίνωσιν διὰ τῆς ὁποίας καταγγέλλει τὰς παραβιάσεις καὶ ἀπευθύνει σοβαρὰν προειδοποίησιν.

ΠΕΚΙΝΟΝ, 17 (Νέα Κίνα). — Τὸ ὑπουργεῖον τῶν Ἐξωτερικῶν ἐξέδωσεν ἀνακοίνωσιν διὰ τῆς ὁποίας καταγγέλλει τὰς παραβιάσεις καὶ ἀπευθύνει σοβαρὰν προειδοποίησιν.

ΠΕΚΙΝΟΝ, 17 (Νέα Κίνα). — Τὸ ὑπουργεῖον τῶν Ἐξωτερικῶν ἐξέδωσεν ἀνακοίνωσιν διὰ τῆς ὁποίας καταγγέλλει τὰς παραβιάσεις καὶ ἀπευθύνει σοβαρὰν προειδοποίησιν.

ΕΞΑΙΡΕΤΑΙ ΔΙΕΘΝΗΣ Η ΔΩΡΕΑ ΤΣΟΥΛΙΑΝΑ ΥΠΕΡ ΤΩΝ ΕΧΘΡΩΝ

ΠΕΚΙΝΟΝ, 17 (Νέα Κίνα). — Τὸ ὑπουργεῖον τῶν Ἐξωτερικῶν ἐξέδωσεν ἀνακοίνωσιν διὰ τῆς ὁποίας καταγγέλλει τὰς παραβιάσεις καὶ ἀπευθύνει σοβαρὰν προειδοποίησιν.

ΠΕΚΙΝΟΝ, 17 (Νέα Κίνα). — Τὸ ὑπουργεῖον τῶν Ἐξωτερικῶν ἐξέδωσεν ἀνακοίνωσιν διὰ τῆς ὁποίας καταγγέλλει τὰς παραβιάσεις καὶ ἀπευθύνει σοβαρὰν προειδοποίησιν.

ΗΥΞΗΘΗΣΑΝ ΑΙ ΕΙΣΑΓΩΓΑΙ ΤΗΣ ΚΟΙΝΗΣ ΑΓΟΡΑΣ ΑΠΟ ΤΑΣ ΠΛΕΙΣΤΑΣ ΤΩΝ ΑΦΡΙΚΑΝΙΚΩΝ ΧΩΡΩΝ

ΠΕΚΙΝΟΝ, 17 (Νέα Κίνα). — Τὸ ὑπουργεῖον τῶν Ἐξωτερικῶν ἐξέδωσεν ἀνακοίνωσιν διὰ τῆς ὁποίας καταγγέλλει τὰς παραβιάσεις καὶ ἀπευθύνει σοβαρὰν προειδοποίησιν.

ΠΕΚΙΝΟΝ, 17 (Νέα Κίνα). — Τὸ ὑπουργεῖον τῶν Ἐξωτερικῶν ἐξέδωσεν ἀνακοίνωσιν διὰ τῆς ὁποίας καταγγέλλει τὰς παραβιάσεις καὶ ἀπευθύνει σοβαρὰν προειδοποίησιν.

ΠΕΚΙΝΟΝ, 17 (Νέα Κίνα). — Τὸ ὑπουργεῖον τῶν Ἐξωτερικῶν ἐξέδωσεν ἀνακοίνωσιν διὰ τῆς ὁποίας καταγγέλλει τὰς παραβιάσεις καὶ ἀπευθύνει σοβαρὰν προειδοποίησιν.

ΑΝΑΚΡΙΣΕΙΣ ΔΙΑ ΤΟΝ ΤΡΑΥΜΑΤΙΣΜΟΝ ΓΑΛΛΟΥ ΦΟΙΤΗΤΟΥ

ΠΕΚΙΝΟΝ, 17 (Νέα Κίνα). — Τὸ ὑπουργεῖον τῶν Ἐξωτερικῶν ἐξέδωσεν ἀνακοίνωσιν διὰ τῆς ὁποίας καταγγέλλει τὰς παραβιάσεις καὶ ἀπευθύνει σοβαρὰν προειδοποίησιν.

ΠΕΚΙΝΟΝ, 17 (Νέα Κίνα). — Τὸ ὑπουργεῖον τῶν Ἐξωτερικῶν ἐξέδωσεν ἀνακοίνωσιν διὰ τῆς ὁποίας καταγγέλλει τὰς παραβιάσεις καὶ ἀπευθύνει σοβαρὰν προειδοποίησιν.

ΥΠΕΡΗΧΗΤΙΚΗ ΔΙΑΓΝΩΣΙΣ ΤΩΝ ΠΑΘΗΣΕΩΝ ΤΗΣ ΚΑΡΔΙΑΣ ΕΠΕΝΟΗΘΗ ΥΠΟ ΔΥΤΙΚΟΓΕΡΜΑΝΩΝ ΕΠΙΣΤΗΜΟΝΩΝ

ΠΕΚΙΝΟΝ, 17 (Νέα Κίνα). — Τὸ ὑπουργεῖον τῶν Ἐξωτερικῶν ἐξέδωσεν ἀνακοίνωσιν διὰ τῆς ὁποίας καταγγέλλει τὰς παραβιάσεις καὶ ἀπευθύνει σοβαρὰν προειδοποίησιν.

ΠΕΚΙΝΟΝ, 17 (Νέα Κίνα). — Τὸ ὑπουργεῖον τῶν Ἐξωτερικῶν ἐξέδωσεν ἀνακοίνωσιν διὰ τῆς ὁποίας καταγγέλλει τὰς παραβιάσεις καὶ ἀπευθύνει σοβαρὰν προειδοποίησιν.

ΠΕΚΙΝΟΝ, 17 (Νέα Κίνα). — Τὸ ὑπουργεῖον τῶν Ἐξωτερικῶν ἐξέδωσεν ἀνακοίνωσιν διὰ τῆς ὁποίας καταγγέλλει τὰς παραβιάσεις καὶ ἀπευθύνει σοβαρὰν προειδοποίησιν.

ΠΕΚΙΝΟΝ, 17 (Νέα Κίνα). — Τὸ ὑπουργεῖον τῶν Ἐξωτερικῶν ἐξέδωσεν ἀνακοίνωσιν διὰ τῆς ὁποίας καταγγέλλει τὰς παραβιάσεις καὶ ἀπευθύνει σοβαρὰν προειδοποίησιν.

Ο ΧΟΥΖΑΚ ΔΙΑΨΕΥΔΕΙ ΚΑΤΗΓΟΡΗΜΑΤΙΚΩΣ ΤΗΝ ΔΙΕΞΑΓΩΓΗΝ ΝΕΩΝ ΠΟΛΙΤΙΚΩΝ ΔΙΚΩΝ

ΠΕΚΙΝΟΝ, 17 (Νέα Κίνα). — Τὸ ὑπουργεῖον τῶν Ἐξωτερικῶν ἐξέδωσεν ἀνακοίνωσιν διὰ τῆς ὁποίας καταγγέλλει τὰς παραβιάσεις καὶ ἀπευθύνει σοβαρὰν προειδοποίησιν.

ΠΕΚΙΝΟΝ, 17 (Νέα Κίνα). — Τὸ ὑπουργεῖον τῶν Ἐξωτερικῶν ἐξέδωσεν ἀνακοίνωσιν διὰ τῆς ὁποίας καταγγέλλει τὰς παραβιάσεις καὶ ἀπευθύνει σοβαρὰν προειδοποίησιν.

ΠΕΚΙΝΟΝ, 17 (Νέα Κίνα). — Τὸ ὑπουργεῖον τῶν Ἐξωτερικῶν ἐξέδωσεν ἀνακοίνωσιν διὰ τῆς ὁποίας καταγγέλλει τὰς παραβιάσεις καὶ ἀπευθύνει σοβαρὰν προειδοποίησιν.

ΠΕΚΙΝΟΝ, 17 (Νέα Κίνα). — Τὸ ὑπουργεῖον τῶν Ἐξωτερικῶν ἐξέδωσεν ἀνακοίνωσιν διὰ τῆς ὁποίας καταγγέλλει τὰς παραβιάσεις καὶ ἀπευθύνει σοβαρὰν προειδοποίησιν.

Η ΠΡΩΤΗ ΣΥΝΟΔΟΣ ΕΠΙΤΡΟΠΗΣ ΤΟΥ ΟΗΕ ΕΠΙ ΤΩΝ ΕΞΟΠΛΙΣΜΩΝ

ΠΕΚΙΝΟΝ, 17 (Νέα Κίνα). — Τὸ ὑπουργεῖον τῶν Ἐξωτερικῶν ἐξέδωσεν ἀνακοίνωσιν διὰ τῆς ὁποίας καταγγέλλει τὰς παραβιάσεις καὶ ἀπευθύνει σοβαρὰν προειδοποίησιν.

ΒΟΜΒΑ ΕΙΣ ΑΕΡΟΠΛΑΝΟΝ ΤΗΣ «ΕΛ ΑΛ»

ΠΕΚΙΝΟΝ, 17 (Νέα Κίνα). — Τὸ ὑπουργεῖον τῶν Ἐξωτερικῶν ἐξέδωσεν ἀνακοίνωσιν διὰ τῆς ὁποίας καταγγέλλει τὰς παραβιάσεις καὶ ἀπευθύνει σοβαρὰν προειδοποίησιν.

Ο ΚΑΝΑΔΙΚΟΣ ΠΡΟΥΠΟΛΟΓΙΣΜΟΣ

ΠΕΚΙΝΟΝ, 17 (Νέα Κίνα). — Τὸ ὑπουργεῖον τῶν Ἐξωτερικῶν ἐξέδωσεν ἀνακοίνωσιν διὰ τῆς ὁποίας καταγγέλλει τὰς παραβιάσεις καὶ ἀπευθύνει σοβαρὰν προειδοποίησιν.

ΕΚΑΤΟΝΤΑΔΕΣ ΕΡΓΑΤΩΝ ΕΙΣ ΤΗΝ ΒΡΑΖΙΛΙΑΝ ΔΙΑΒΙΟΥΝ ΩΣ ΣΚΛΑΒΟΙ ΕΙΣ ΕΝ ΑΓΡΟΚΤΗΜΑ

ΠΕΚΙΝΟΝ, 17 (Νέα Κίνα). — Τὸ ὑπουργεῖον τῶν Ἐξωτερικῶν ἐξέδωσεν ἀνακοίνωσιν διὰ τῆς ὁποίας καταγγέλλει τὰς παραβιάσεις καὶ ἀπευθύνει σοβαρὰν προειδοποίησιν.

ΠΕΚΙΝΟΝ, 17 (Νέα Κίνα). — Τὸ ὑπουργεῖον τῶν Ἐξωτερικῶν ἐξέδωσεν ἀνακοίνωσιν διὰ τῆς ὁποίας καταγγέλλει τὰς παραβιάσεις καὶ ἀπευθύνει σοβαρὰν προειδοποίησιν.

ΠΕΚΙΝΟΝ, 17 (Νέα Κίνα). — Τὸ ὑπουργεῖον τῶν Ἐξωτερικῶν ἐξέδωσεν ἀνακοίνωσιν διὰ τῆς ὁποίας καταγγέλλει τὰς παραβιάσεις καὶ ἀπευθύνει σοβαρὰν προειδοποίησιν.

ΠΕΚΙΝΟΝ, 17 (Νέα Κίνα). — Τὸ ὑπουργεῖον τῶν Ἐξωτερικῶν ἐξέδωσεν ἀνακοίνωσιν διὰ τῆς ὁποίας καταγγέλλει τὰς παραβιάσεις καὶ ἀπευθύνει σοβαρὰν προειδοποίησιν.
